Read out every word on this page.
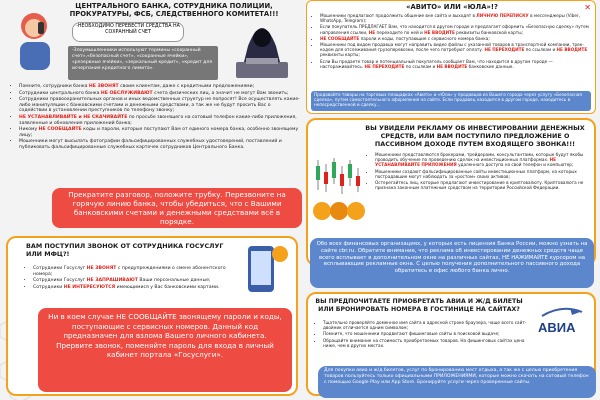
ЦЕНТРАЛЬНОГО БАНКА, СОТРУДНИКА ПОЛИЦИИ,
ПРОКУРАТУРЫ, ФСБ, СЛЕДСТВЕННОГО КОМИТЕТА!!!
-НЕОБХОДИМО ПЕРЕВЕСТИ СРЕДСТВА НА СОХРАННЫЙ СЧЕТ
-Злоумышленники используют термины «сохранный счет»,«безопасный счет», «сохранные ячейки», «резервные ячейки», «зеркальный кредит», «кредит для исчерпания кредитного лимита».
• Помните, сотрудники банка НЕ ЗВОНЯТ своим клиентам, даже с кредитными предложениями;
• Сотрудники центрального банка НЕ ОБСЛУЖИВАЮТ счета физических лиц, а значит не могут Вам звонить;
• Сотрудники правоохранительных органов и иных ведомственных структур не попросят! Все осуществлять какие-либо манипуляции с банковскими счетами и денежными средствами, а так же не будут просить Вас о содействии в установлении преступников по телефону звонку;
• НЕ УСТАНАВЛИВАЙТЕ и НЕ СКАЧИВАЙТЕ по просьбе звонящего на сотовый телефон какие-либо приложения, заявленные и обновления приложений банка;
• Никому НЕ СООБЩАЙТЕ коды и пароли, которые поступают Вам от единого номера банка, особенно звонящему лицу;
• Мошенники могут высылать фотографии фальсифицированных служебных удостоверений, поставлений и публиковать фальсифицированные служебных карточек сотрудников Центрального Банка.
Прекратите разговор, положите трубку. Перезвоните на горячую линию банка, чтобы убедиться, что с Вашими банковскими счетами и денежными средствами всё в порядке.
ВАМ ПОСТУПИЛ ЗВОНОК ОТ СОТРУДНИКА ГОСУСЛУГ ИЛИ МФЦ?!
• Сотрудники Госуслуг НЕ ЗВОНЯТ с предупреждениями о смене абонентского номера;
• Сотрудники Госуслуг НЕ ЗАПРАШИВАЮТ Ваши персональные данные;
• Сотрудники НЕ ИНТЕРЕСУЮТСЯ имеющимися у Вас банковскими картами.
Ни в коем случае НЕ СООБЩАЙТЕ звонящему пароли и коды, поступающие с сервисных номеров. Данный код предназначен для взлома Вашего личного кабинета. Прервите звонок, поменяйте пароль для входа в личный кабинет портала «Госуслуги».
«АВИТО» ИЛИ «ЮЛА»!?	✕
• Мошенники предлагают продолжить общение вне сайта и выходят в ЛИЧНУЮ ПЕРЕПИСКУ в мессенджеры (Viber, WhatsApp, Telegram);
• Если покупатель ПРЕДЛАГАЕТ Вам, что находится в другом городе и предлагает оформить «Безопасную сделку» путем направления ссылки, НЕ переходите по ней и НЕ ВВОДИТЕ реквизиты банковской карты;
• НЕ СООБЩАЙТЕ пароли и коды, поступающие с сервисного номера банка;
• Мошенники под видом продавца могут направить видео файлы с указанной товаров в транспортной компании, трек-кодом для отслеживания грузоперевозки, после чего потребуют оплату. НЕ ПЕРЕХОДИТЕ по ссылкам и НЕ ВВОДИТЕ реквизиты карты;
• Если Вы продаете товар и потенциальный покупатель сообщает Вам, что находится в другом городе — настораживайтесь. НЕ ПЕРЕХОДИТЕ по ссылкам и НЕ ВВОДИТЕ банковские данные.
Продавайте товары на торговых площадках «Авито» и «Юла» у продавцов из Вашего города через услугу «Безопасная сделка», путем самостоятельного оформления на сайте. Если продавец находится в другом городе, находитесь в непосредственной и сделку...
ВЫ УВИДЕЛИ РЕКЛАМУ ОБ ИНВЕСТИРОВАНИИ ДЕНЕЖНЫХ СРЕДСТВ, ИЛИ ВАМ ПОСТУПИЛО ПРЕДЛОЖЕНИЕ О ПАССИВНОМ ДОХОДЕ ПУТЕМ ВХОДЯЩЕГО ЗВОНКА!!!
• Мошенники представляются брокерами, трейдерами, консультантами, которые будут якобы проводить обучение по проведению сделок на инвестиционных платформах. НЕ УСТАНАВЛИВАЙТЕ ПРИЛОЖЕНИЯ удаленного доступа на свой телефон и компьютер;
• Мошенники создают фальсифицированные сайты инвестиционных платформ, на которых пострадавшие могут наблюдать за «ростом» своих активов;
• Остерегайтесь лиц, которые предлагают инвестирование в криптовалюту. Криптовалюта не признана законным платежным средством на территории Российской Федерации.
Обо всех финансовых организациях, у которых есть лицензия Банка России, можно узнать на сайте cbr.ru. Обратите внимание, что реклама об инвестировании денежных средств чаще всего всплывает в дополнительном окне на различных сайтах, НЕ НАЖИМАЙТЕ курсором на всплывающие рекламные окна. С целью получения дополнительного пассивного дохода обратитесь в офис любого банка лично.
ВЫ ПРЕДПОЧИТАЕТЕ ПРИОБРЕТАТЬ АВИА И Ж/Д БИЛЕТЫ ИЛИ БРОНИРОВАТЬ НОМЕРА В ГОСТИНИЦЕ НА САЙТАХ?
АВИА
• Тщательно проверяйте доменное имя сайта в адресной строке браузера, чаще всего сайт-двойник отличается одним символом;
• Помните, что мошенники продвигают фишинговые сайты в поисковой выдаче;
• Обращайте внимание на стоимость приобретаемых товаров. На фишинговых сайтах цена ниже, чем в других местах.
Для покупки авиа и ж/д билетов, услуг по бронированию мест отдыха, а так же с целью приобретения товаров пользуйтесь только официальными ПРИЛОЖЕНИЯМИ, которые можно скачать на сотовый телефон с помощью Google Play или App Store. Бронируйте услуги через проверенные сайты.
